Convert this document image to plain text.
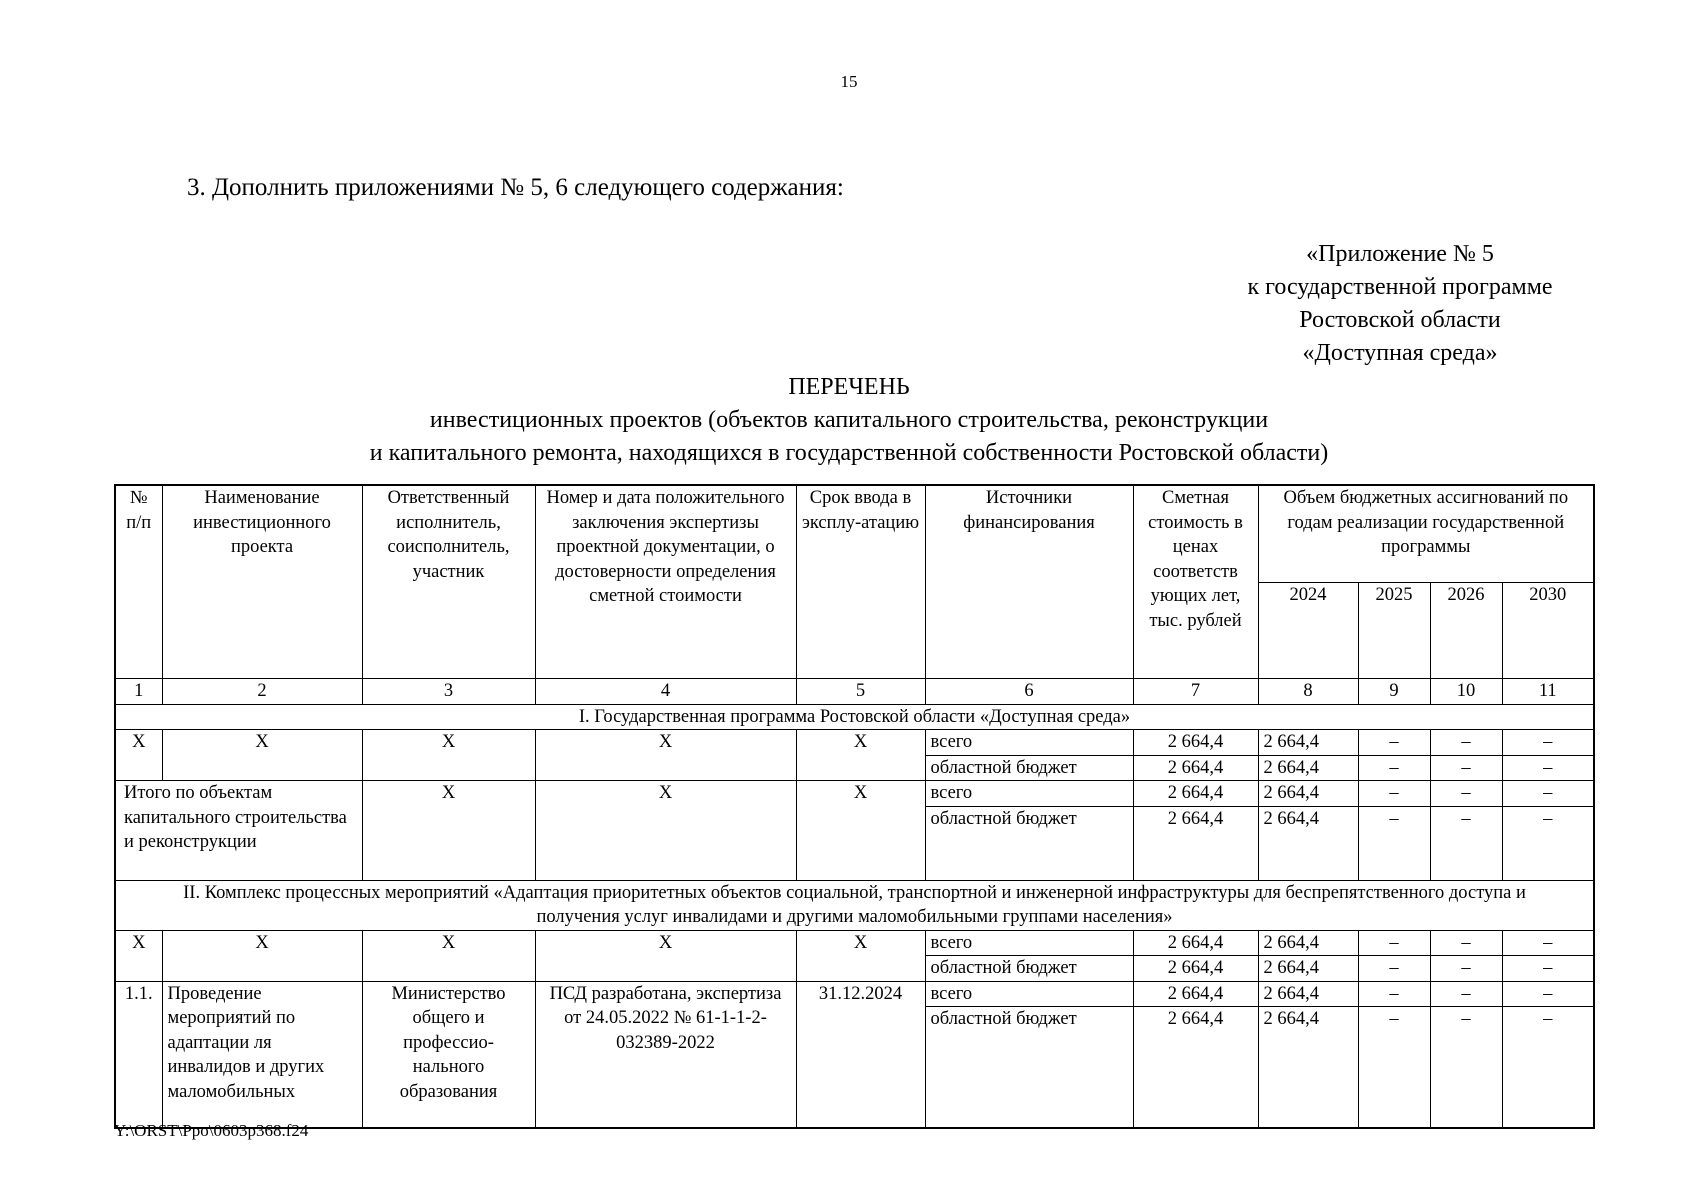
15
3. Дополнить приложениями № 5, 6 следующего содержания:
«Приложение № 5
к государственной программе
Ростовской области
«Доступная среда»
ПЕРЕЧЕНЬ
инвестиционных проектов (объектов капитального строительства, реконструкции
и капитального ремонта, находящихся в государственной собственности Ростовской области)
№ п/п	Наименование инвестиционного проекта	Ответственный исполнитель, соисполнитель, участник	Номер и дата положительного заключения экспертизы проектной документации, о достоверности определения сметной стоимости	Срок ввода в эксплу-атацию	Источники финансирования	Сметная стоимость в ценах соответств ующих лет, тыс. рублей	Объем бюджетных ассигнований по годам реализации государственной программы			
							2024	2025	2026	2030
1	2	3	4	5	6	7	8	9	10	11
I. Государственная программа Ростовской области «Доступная среда»										
Х	Х	Х	Х	Х	всего	2 664,4	2 664,4	–	–	–
					областной бюджет	2 664,4	2 664,4	–	–	–
Итого по объектам капитального строительства и реконструкции		Х	Х	Х	всего	2 664,4	2 664,4	–	–	–
					областной бюджет	2 664,4	2 664,4	–	–	–
II. Комплекс процессных мероприятий «Адаптация приоритетных объектов социальной, транспортной и инженерной инфраструктуры для беспрепятственного доступа и получения услуг инвалидами и другими маломобильными группами населения»										
Х	Х	Х	Х	Х	всего	2 664,4	2 664,4	–	–	–
					областной бюджет	2 664,4	2 664,4	–	–	–
1.1.	Проведение мероприятий по адаптации ля инвалидов и других маломобильных	Министерство общего и профессио-нального образования	ПСД разработана, экспертиза от 24.05.2022 № 61-1-1-2-032389-2022	31.12.2024	всего	2 664,4	2 664,4	–	–	–
					областной бюджет	2 664,4	2 664,4	–	–	–
Y:\ORST\Ppo\0603p368.f24
